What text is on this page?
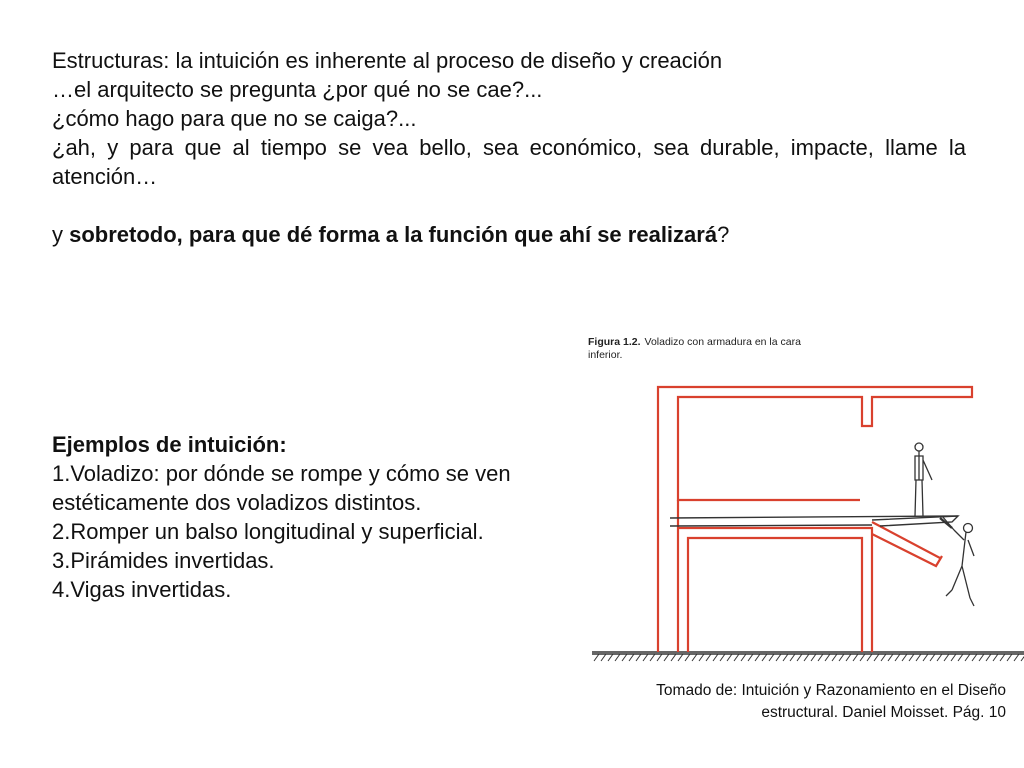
Estructuras: la intuición es inherente al proceso de diseño y creación

…el arquitecto se pregunta ¿por qué no se cae?...

¿cómo hago para que no se caiga?...

¿ah, y para que al tiempo se vea bello, sea económico, sea durable, impacte, llame la atención…

y sobretodo, para que dé forma a la función que ahí se realizará?

Ejemplos de intuición:

1.Voladizo: por dónde se rompe y cómo se ven estéticamente dos voladizos distintos.

2.Romper un balso longitudinal y superficial.

3.Pirámides invertidas.

4.Vigas invertidas.

Figura 1.2. Voladizo con armadura en la cara inferior.

Tomado de: Intuición y Razonamiento en el Diseño

estructural. Daniel Moisset. Pág. 10
